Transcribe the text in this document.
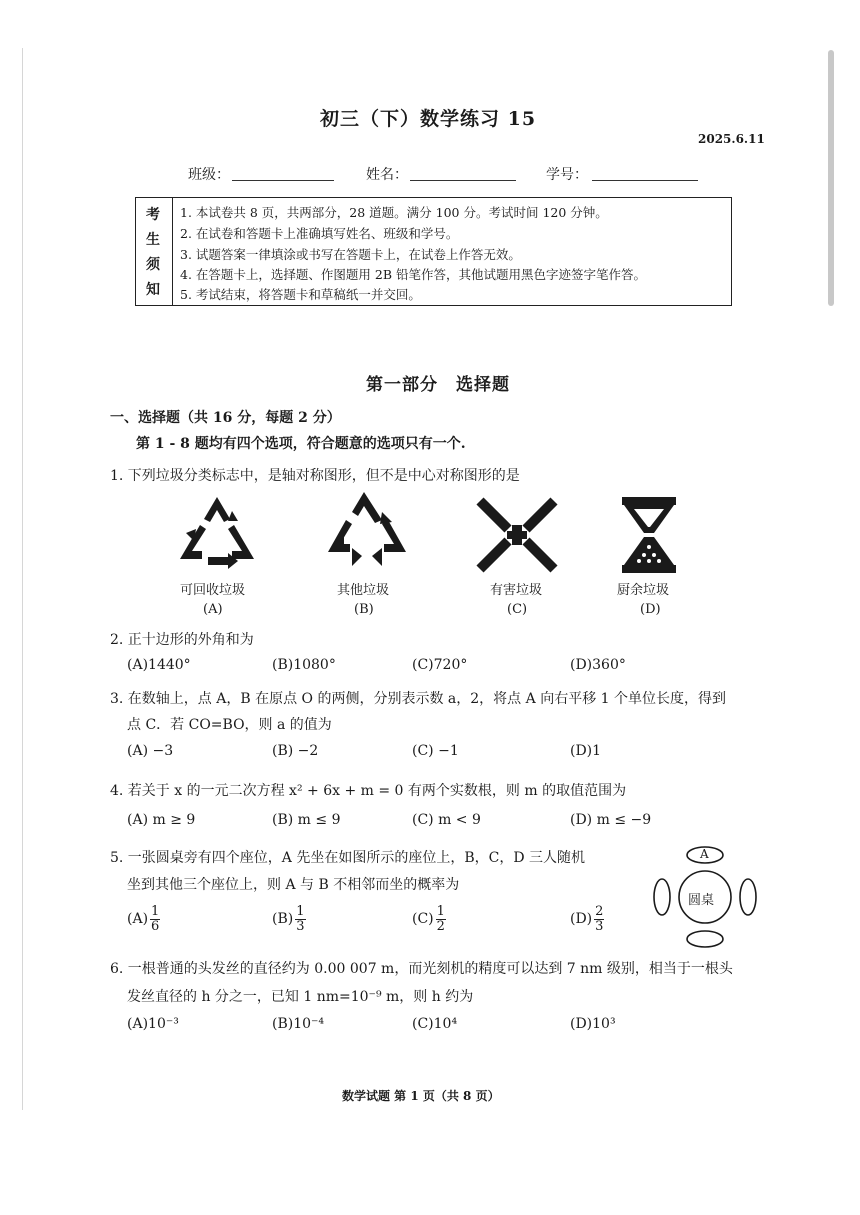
初三（下）数学练习 15
2025.6.11
班级：	姓名：	学号：
考
生
须
知
1. 本试卷共 8 页，共两部分，28 道题。满分 100 分。考试时间 120 分钟。
2. 在试卷和答题卡上准确填写姓名、班级和学号。
3. 试题答案一律填涂或书写在答题卡上，在试卷上作答无效。
4. 在答题卡上，选择题、作图题用 2B 铅笔作答，其他试题用黑色字迹签字笔作答。
5. 考试结束，将答题卡和草稿纸一并交回。
第一部分　选择题
一、选择题（共 16 分，每题 2 分）
第 1 - 8 题均有四个选项，符合题意的选项只有一个.
1. 下列垃圾分类标志中，是轴对称图形，但不是中心对称图形的是
可回收垃圾
(A)
其他垃圾
(B)
有害垃圾
(C)
厨余垃圾
(D)
2. 正十边形的外角和为
(A)1440°	(B)1080°	(C)720°	(D)360°
3. 在数轴上，点 A，B 在原点 O 的两侧，分别表示数 a，2，将点 A 向右平移 1 个单位长度，得到
点 C．若 CO=BO，则 a 的值为
(A) −3	(B) −2	(C) −1	(D)1
4. 若关于 x 的一元二次方程 x² + 6x + m = 0 有两个实数根，则 m 的取值范围为
(A) m ≥ 9	(B) m ≤ 9	(C) m < 9	(D) m ≤ −9
5. 一张圆桌旁有四个座位，A 先坐在如图所示的座位上，B，C，D 三人随机
坐到其他三个座位上，则 A 与 B 不相邻而坐的概率为
$(A) \frac{1}{6}$	$(B) \frac{1}{3}$	$(C) \frac{1}{2}$	$(D) \frac{2}{3}$
A
圆桌
6. 一根普通的头发丝的直径约为 0.00 007 m，而光刻机的精度可以达到 7 nm 级别，相当于一根头
发丝直径的 h 分之一，已知 1 nm=10⁻⁹ m，则 h 约为
(A)10⁻³	(B)10⁻⁴	(C)10⁴	(D)10³
数学试题 第 1 页（共 8 页）
